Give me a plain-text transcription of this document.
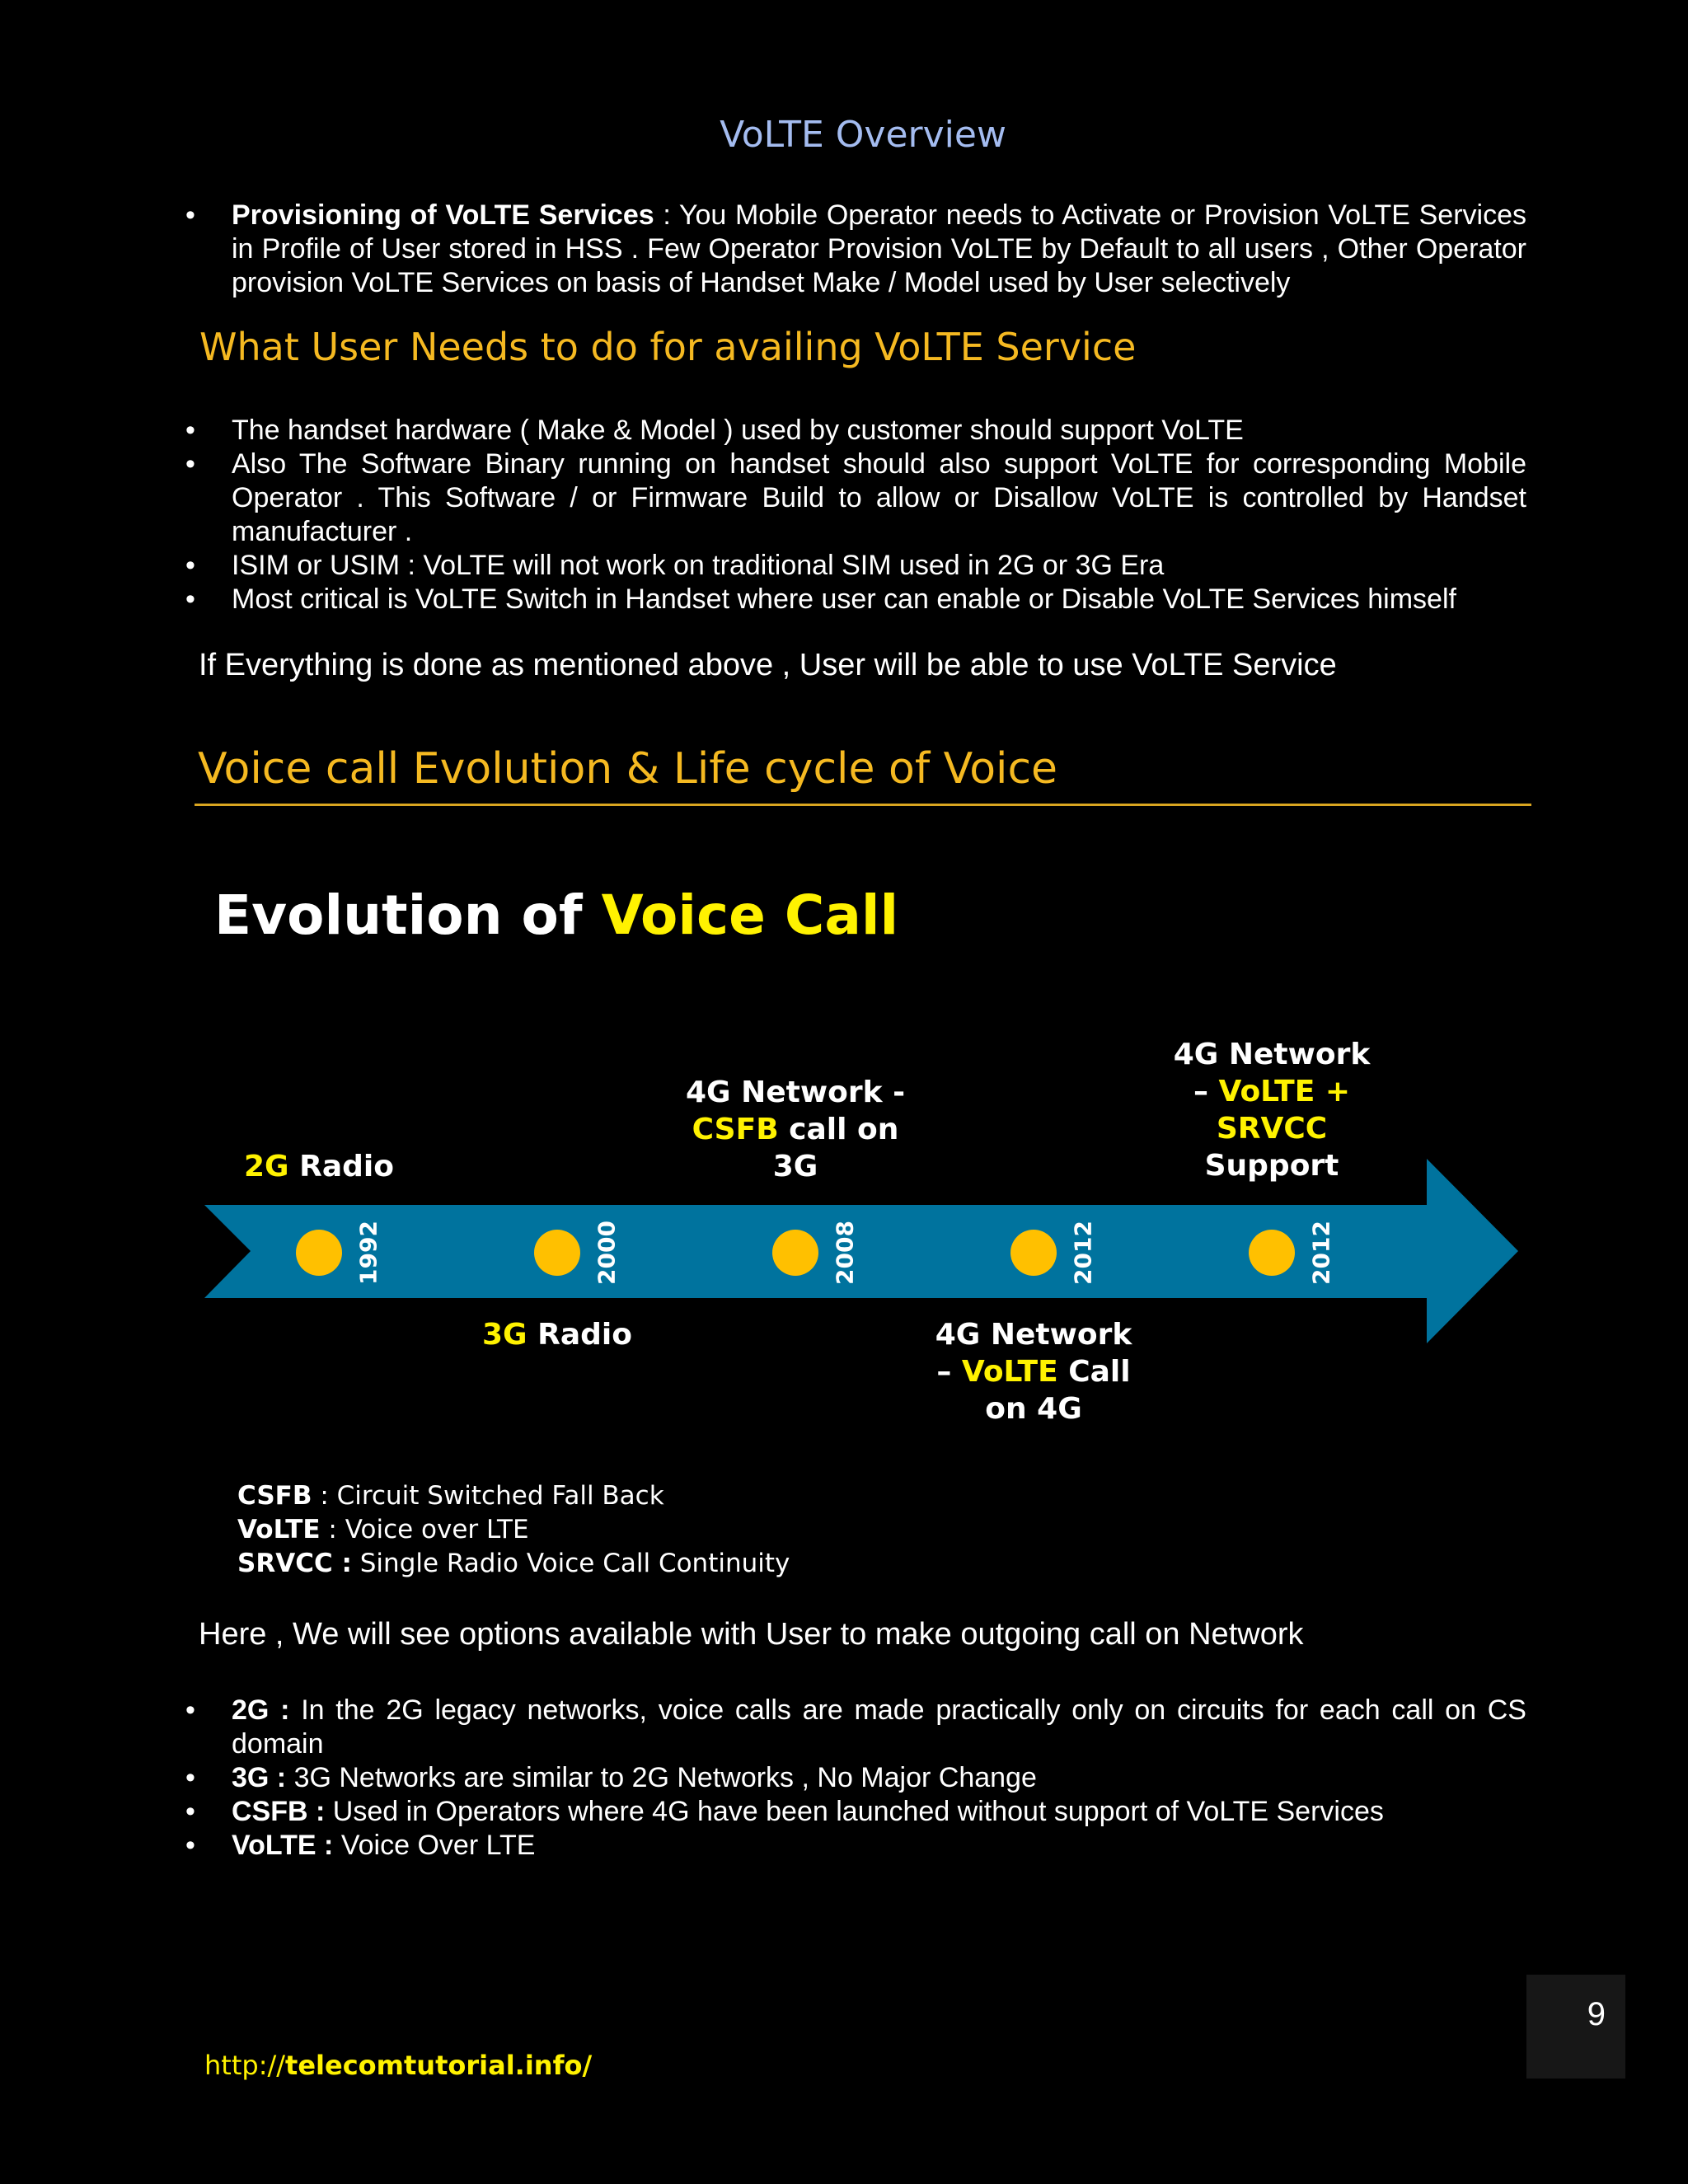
VoLTE Overview
• Provisioning of VoLTE Services : You Mobile Operator needs to Activate or Provision VoLTE Services in Profile of User stored in HSS . Few Operator Provision VoLTE by Default to all users , Other Operator provision VoLTE Services on basis of Handset Make / Model used by User selectively
What User Needs to do for availing VoLTE Service
• The handset hardware ( Make & Model ) used by customer should support VoLTE
• Also The Software Binary running on handset should also support VoLTE for corresponding Mobile Operator . This Software / or Firmware Build to allow or Disallow VoLTE is controlled by Handset manufacturer .
• ISIM or USIM : VoLTE will not work on traditional SIM used in 2G or 3G Era
• Most critical is VoLTE Switch in Handset where user can enable or Disable VoLTE Services himself
If Everything is done as mentioned above , User will be able to use VoLTE Service
Voice call Evolution & Life cycle of Voice
Evolution of Voice Call
1992	2000	2008	2012	2012
2G Radio
3G Radio
4G Network -
CSFB call on
3G
4G Network
– VoLTE Call
on 4G
4G Network
– VoLTE +
SRVCC
Support
CSFB : Circuit Switched Fall Back
VoLTE : Voice over LTE
SRVCC : Single Radio Voice Call Continuity
Here , We will see options available with User to make outgoing call on Network
• 2G : In the 2G legacy networks, voice calls are made practically only on circuits for each call on CS domain
• 3G : 3G Networks are similar to 2G Networks , No Major Change
• CSFB : Used in Operators where 4G have been launched without support of VoLTE Services
• VoLTE : Voice Over LTE
9
http://telecomtutorial.info/
